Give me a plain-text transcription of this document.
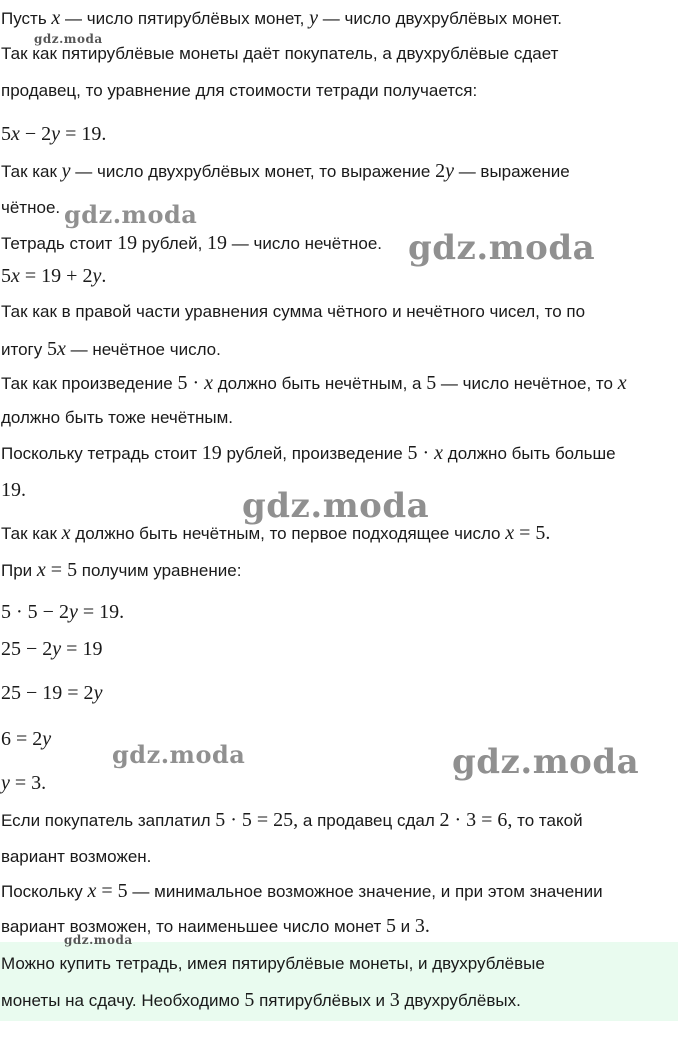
Пусть x — число пятирублёвых монет, y — число двухрублёвых монет.
Так как пятирублёвые монеты даёт покупатель, а двухрублёвые сдает
продавец, то уравнение для стоимости тетради получается:
5x − 2y = 19.
Так как y — число двухрублёвых монет, то выражение 2y — выражение
чётное.
Тетрадь стоит 19 рублей, 19 — число нечётное.
5x = 19 + 2y.
Так как в правой части уравнения сумма чётного и нечётного чисел, то по
итогу 5x — нечётное число.
Так как произведение 5 · x должно быть нечётным, а 5 — число нечётное, то x
должно быть тоже нечётным.
Поскольку тетрадь стоит 19 рублей, произведение 5 · x должно быть больше
19.
Так как x должно быть нечётным, то первое подходящее число x = 5.
При x = 5 получим уравнение:
5 · 5 − 2y = 19.
25 − 2y = 19
25 − 19 = 2y
6 = 2y
y = 3.
Если покупатель заплатил 5 · 5 = 25, а продавец сдал 2 · 3 = 6, то такой
вариант возможен.
Поскольку x = 5 — минимальное возможное значение, и при этом значении
вариант возможен, то наименьшее число монет 5 и 3.
Можно купить тетрадь, имея пятирублёвые монеты, и двухрублёвые
монеты на сдачу. Необходимо 5 пятирублёвых и 3 двухрублёвых.
gdz.moda
gdz.moda
gdz.moda
gdz.moda
gdz.moda	gdz.moda
gdz.moda
